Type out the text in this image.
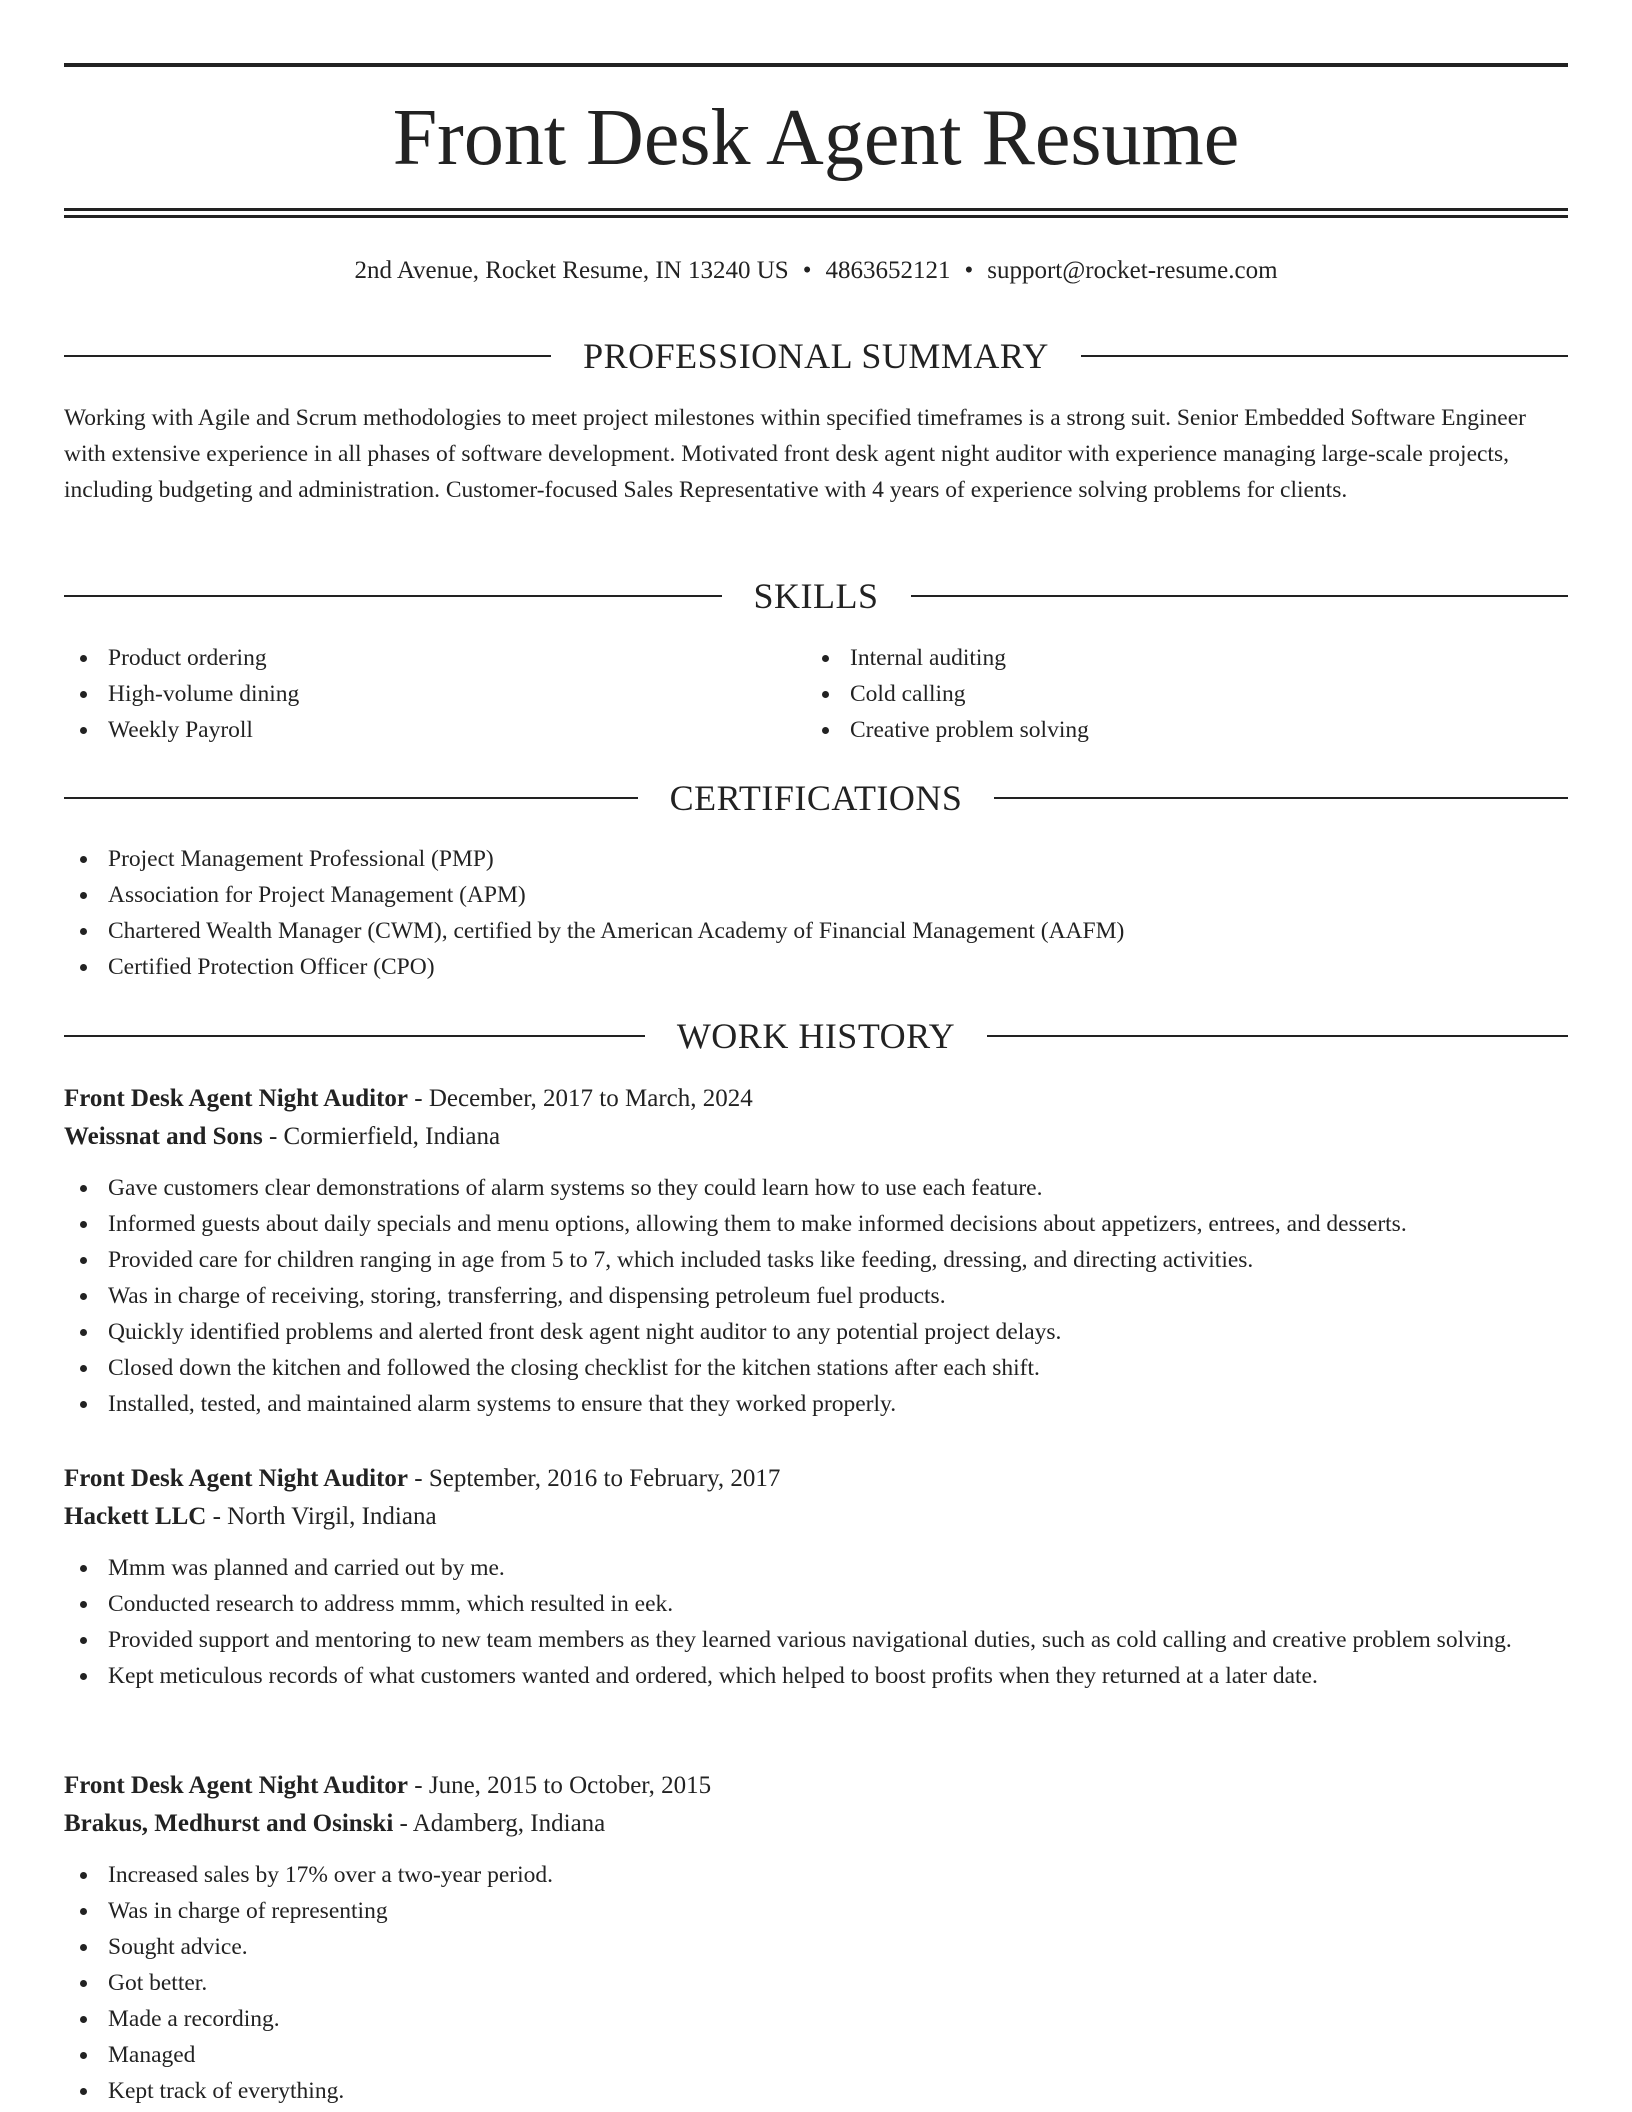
Front Desk Agent Resume
2nd Avenue, Rocket Resume, IN 13240 US • 4863652121 • support@rocket-resume.com
PROFESSIONAL SUMMARY

Working with Agile and Scrum methodologies to meet project milestones within specified timeframes is a strong suit. Senior Embedded Software Engineer with extensive experience in all phases of software development. Motivated front desk agent night auditor with experience managing large-scale projects, including budgeting and administration. Customer-focused Sales Representative with 4 years of experience solving problems for clients.

SKILLS
Product ordering
High-volume dining
Weekly Payroll
Internal auditing
Cold calling
Creative problem solving
CERTIFICATIONS
Project Management Professional (PMP)
Association for Project Management (APM)
Chartered Wealth Manager (CWM), certified by the American Academy of Financial Management (AAFM)
Certified Protection Officer (CPO)
WORK HISTORY
Front Desk Agent Night Auditor - December, 2017 to March, 2024
Weissnat and Sons - Cormierfield, Indiana
Gave customers clear demonstrations of alarm systems so they could learn how to use each feature.
Informed guests about daily specials and menu options, allowing them to make informed decisions about appetizers, entrees, and desserts.
Provided care for children ranging in age from 5 to 7, which included tasks like feeding, dressing, and directing activities.
Was in charge of receiving, storing, transferring, and dispensing petroleum fuel products.
Quickly identified problems and alerted front desk agent night auditor to any potential project delays.
Closed down the kitchen and followed the closing checklist for the kitchen stations after each shift.
Installed, tested, and maintained alarm systems to ensure that they worked properly.
Front Desk Agent Night Auditor - September, 2016 to February, 2017
Hackett LLC - North Virgil, Indiana
Mmm was planned and carried out by me.
Conducted research to address mmm, which resulted in eek.
Provided support and mentoring to new team members as they learned various navigational duties, such as cold calling and creative problem solving.
Kept meticulous records of what customers wanted and ordered, which helped to boost profits when they returned at a later date.
Front Desk Agent Night Auditor - June, 2015 to October, 2015
Brakus, Medhurst and Osinski - Adamberg, Indiana
Increased sales by 17% over a two-year period.
Was in charge of representing
Sought advice.
Got better.
Made a recording.
Managed
Kept track of everything.
